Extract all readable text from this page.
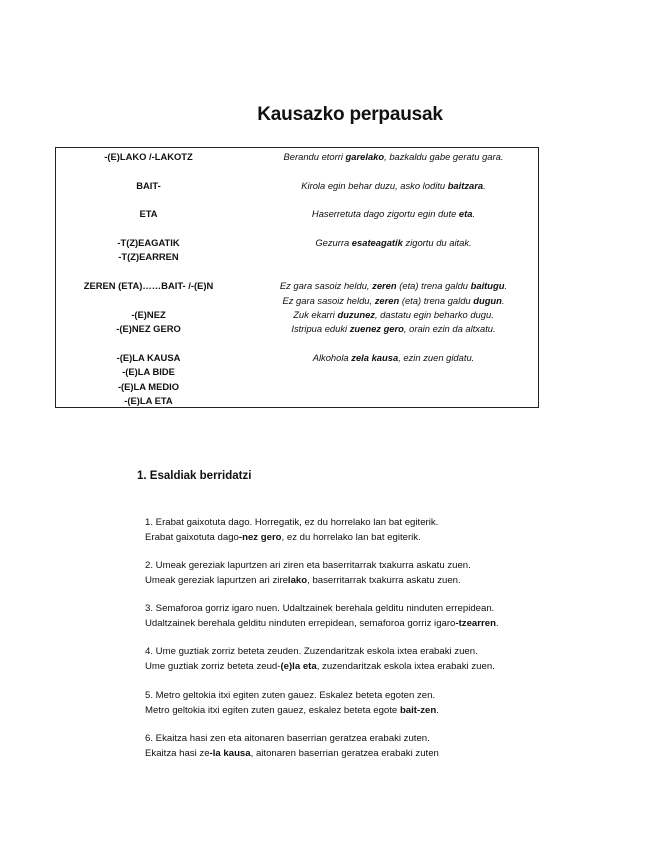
Kausazko perpausak
-(E)LAKO /-LAKOTZ
BAIT-
ETA
-T(Z)EAGATIK
-T(Z)EARREN
ZEREN (ETA)……BAIT- /-(E)N
-(E)NEZ
-(E)NEZ GERO
-(E)LA KAUSA
-(E)LA BIDE
-(E)LA MEDIO
-(E)LA ETA
Berandu etorri garelako, bazkaldu gabe geratu gara.
Kirola egin behar duzu, asko loditu baitzara.
Haserretuta dago zigortu egin dute eta.
Gezurra esateagatik zigortu du aitak.
Ez gara sasoiz heldu, zeren (eta) trena galdu baitugu.
Ez gara sasoiz heldu, zeren (eta) trena galdu dugun.
Zuk ekarri duzunez, dastatu egin beharko dugu.
Istripua eduki zuenez gero, orain ezin da altxatu.
Alkohola zela kausa, ezin zuen gidatu.
1. Esaldiak berridatzi
1. Erabat gaixotuta dago. Horregatik, ez du horrelako lan bat egiterik.
Erabat gaixotuta dago-nez gero, ez du horrelako lan bat egiterik.
2. Umeak gereziak lapurtzen ari ziren eta baserritarrak txakurra askatu zuen.
Umeak gereziak lapurtzen ari zirelako, baserritarrak txakurra askatu zuen.
3. Semaforoa gorriz igaro nuen. Udaltzainek berehala gelditu ninduten errepidean.
Udaltzainek berehala gelditu ninduten errepidean, semaforoa gorriz igaro-tzearren.
4. Ume guztiak zorriz beteta zeuden. Zuzendaritzak eskola ixtea erabaki zuen.
Ume guztiak zorriz beteta zeud-(e)la eta, zuzendaritzak eskola ixtea erabaki zuen.
5. Metro geltokia itxi egiten zuten gauez. Eskalez beteta egoten zen.
Metro geltokia itxi egiten zuten gauez, eskalez beteta egote bait-zen.
6. Ekaitza hasi zen eta aitonaren baserrian geratzea erabaki zuten.
Ekaitza hasi ze-la kausa, aitonaren baserrian geratzea erabaki zuten
